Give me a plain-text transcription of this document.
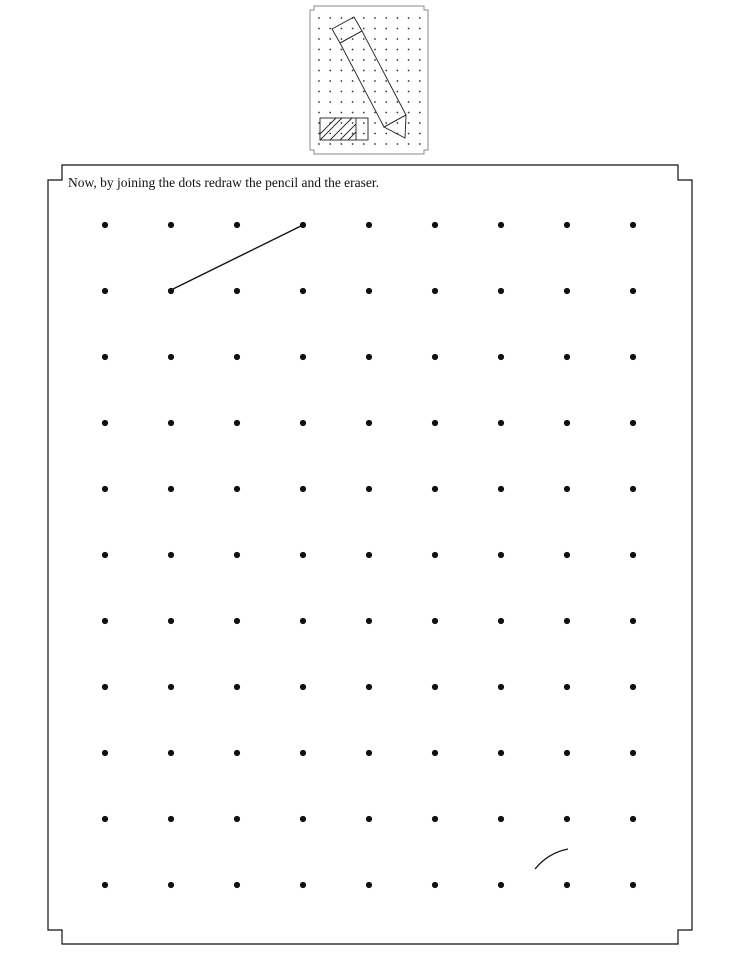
Now, by joining the dots redraw the pencil and the eraser.
